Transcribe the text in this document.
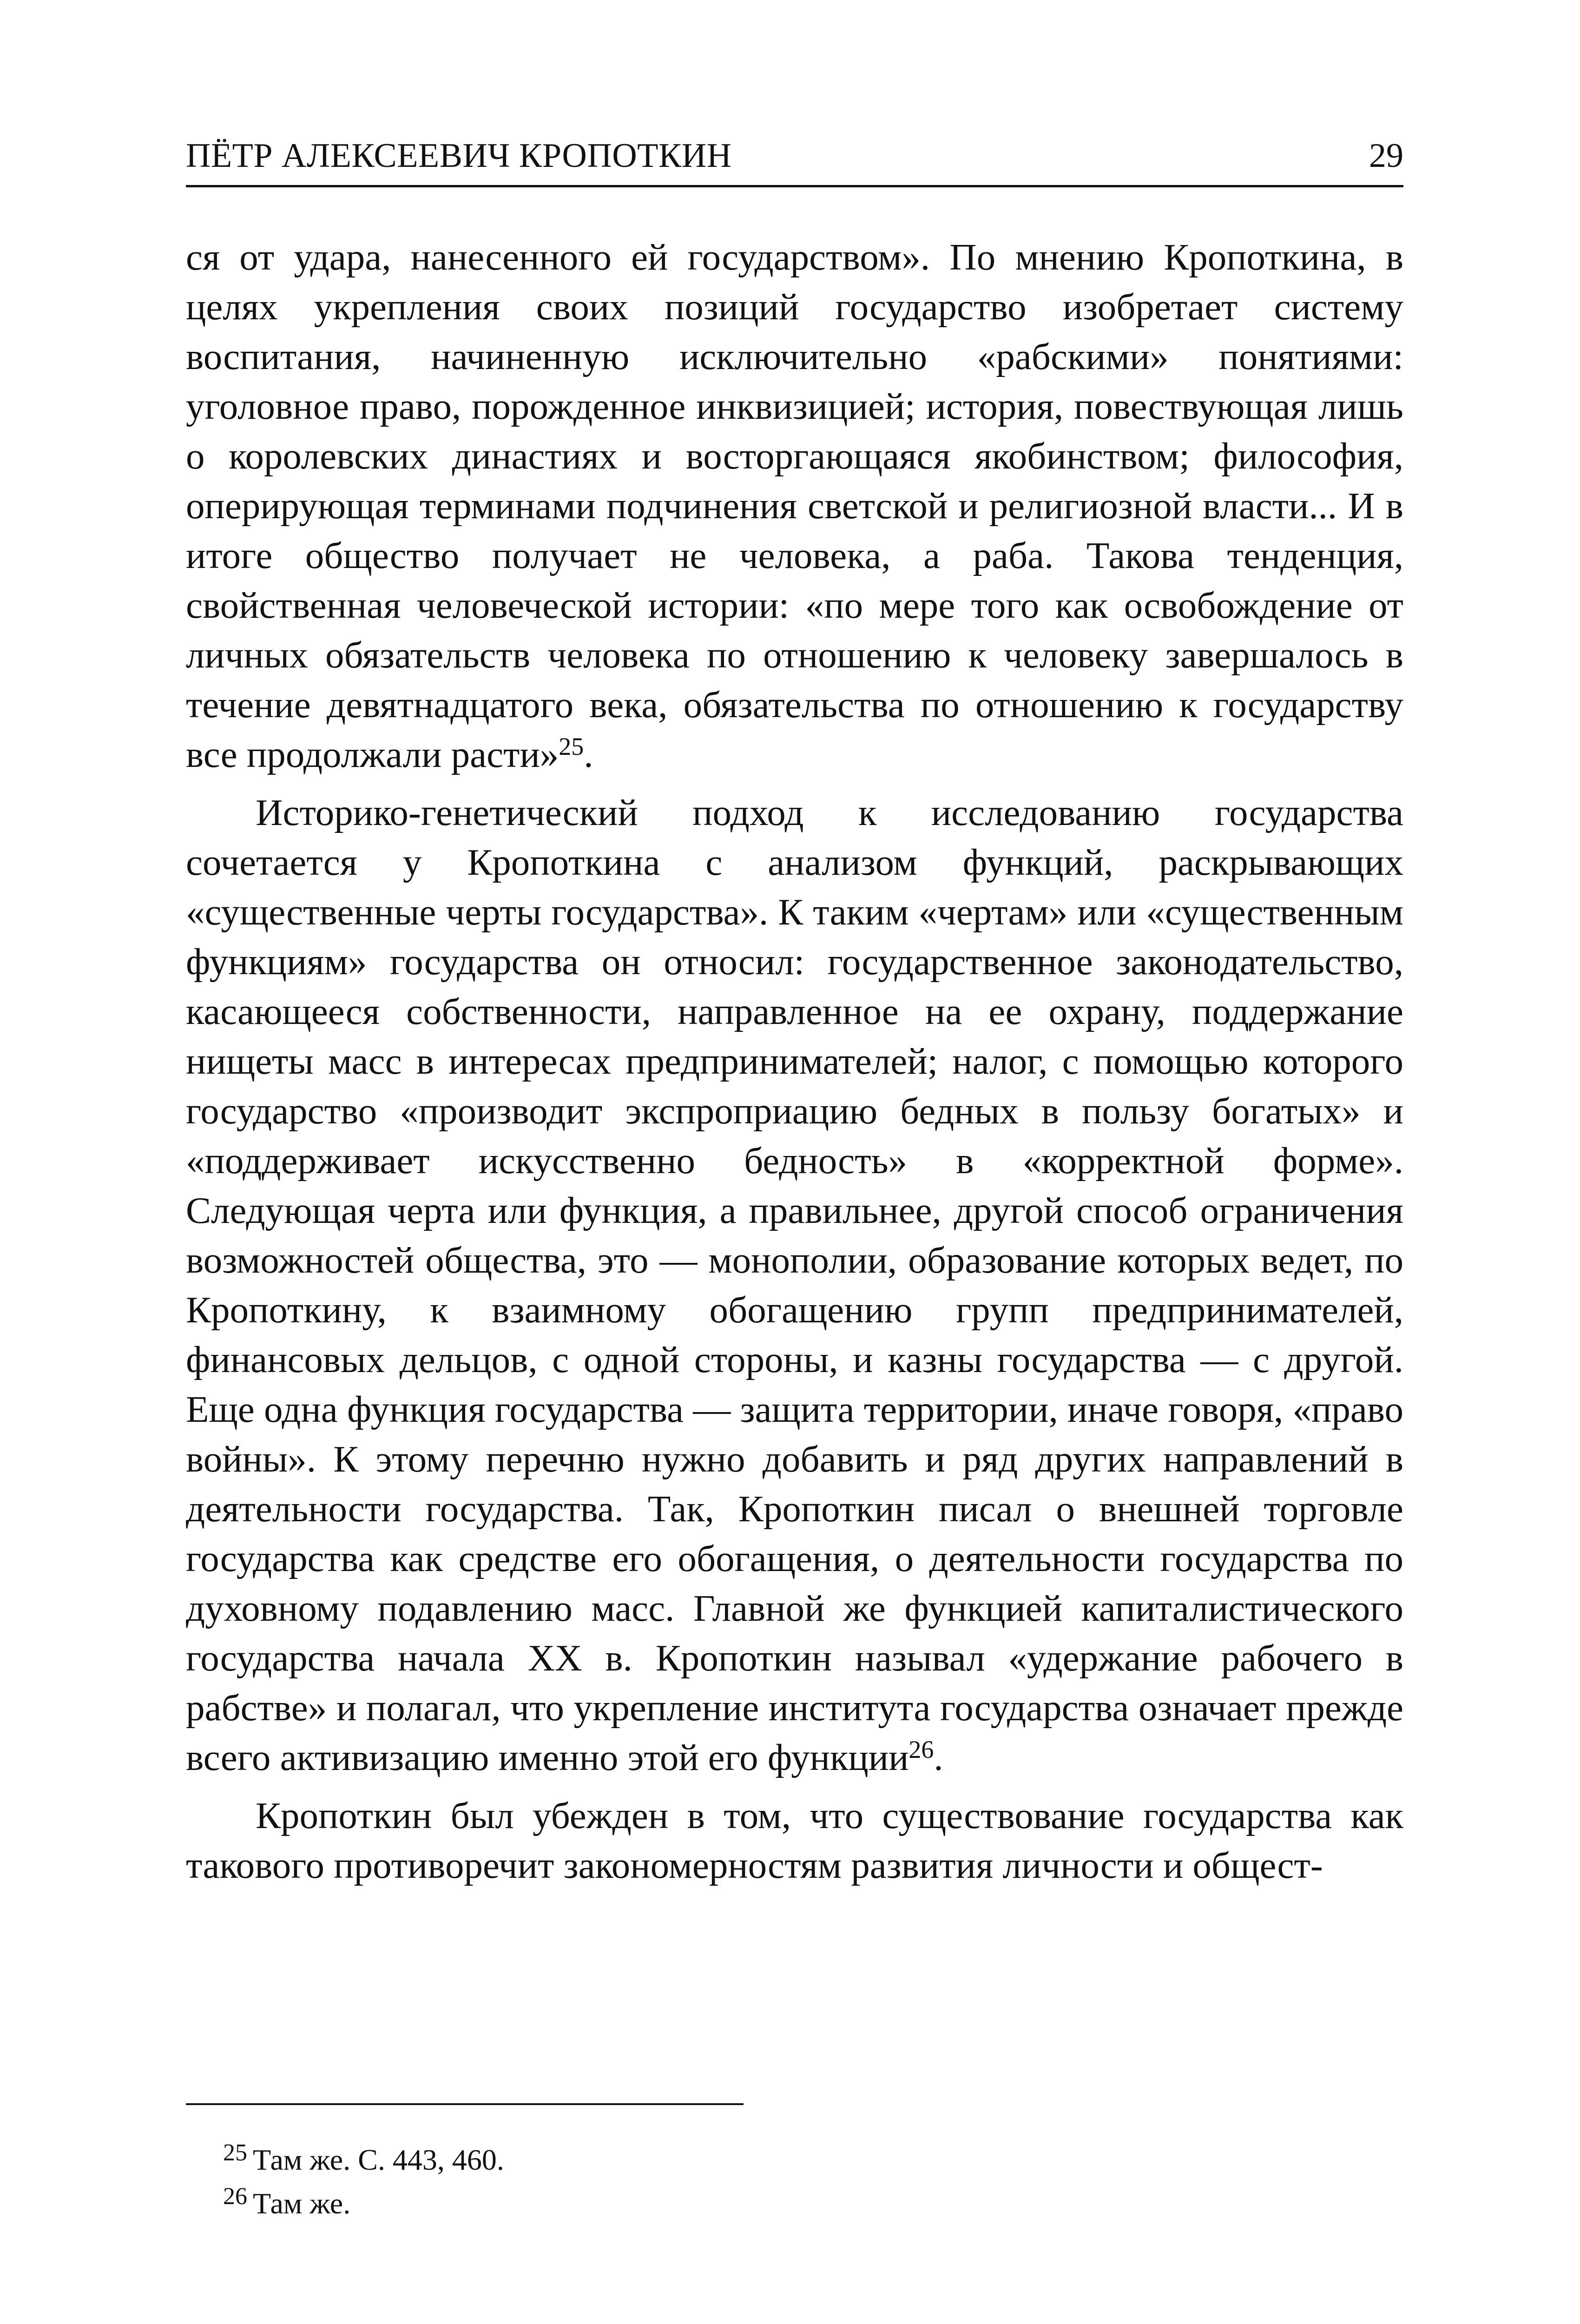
ПЁТР АЛЕКСЕЕВИЧ КРОПОТКИН	29

ся от удара, нанесенного ей государством». По мнению Кропоткина, в целях укрепления своих позиций государство изобретает систему воспитания, начиненную исключительно «рабскими» понятиями: уголовное право, порожденное инквизицией; история, повествующая лишь о королевских династиях и восторгающаяся якобинством; философия, оперирующая терминами подчинения светской и религиозной власти... И в итоге общество получает не человека, а раба. Такова тенденция, свойственная человеческой истории: «по мере того как освобождение от личных обязательств человека по отношению к человеку завершалось в течение девятнадцатого века, обязательства по отношению к государству все продолжали расти»$^{25}$.

Историко-генетический подход к исследованию государства сочетается у Кропоткина с анализом функций, раскрывающих «существенные черты государства». К таким «чертам» или «существенным функциям» государства он относил: государственное законодательство, касающееся собственности, направленное на ее охрану, поддержание нищеты масс в интересах предпринимателей; налог, с помощью которого государство «производит экспроприацию бедных в пользу богатых» и «поддерживает искусственно бедность» в «корректной форме». Следующая черта или функция, а правильнее, другой способ ограничения возможностей общества, это — монополии, образование которых ведет, по Кропоткину, к взаимному обогащению групп предпринимателей, финансовых дельцов, с одной стороны, и казны государства — с другой. Еще одна функция государства — защита территории, иначе говоря, «право войны». К этому перечню нужно добавить и ряд других направлений в деятельности государства. Так, Кропоткин писал о внешней торговле государства как средстве его обогащения, о деятельности государства по духовному подавлению масс. Главной же функцией капиталистического государства начала XX в. Кропоткин называл «удержание рабочего в рабстве» и полагал, что укрепление института государства означает прежде всего активизацию именно этой его функции$^{26}$.

Кропоткин был убежден в том, что существование государства как такового противоречит закономерностям развития личности и общест-

$^{25}$ Там же. С. 443, 460.

$^{26}$ Там же.
